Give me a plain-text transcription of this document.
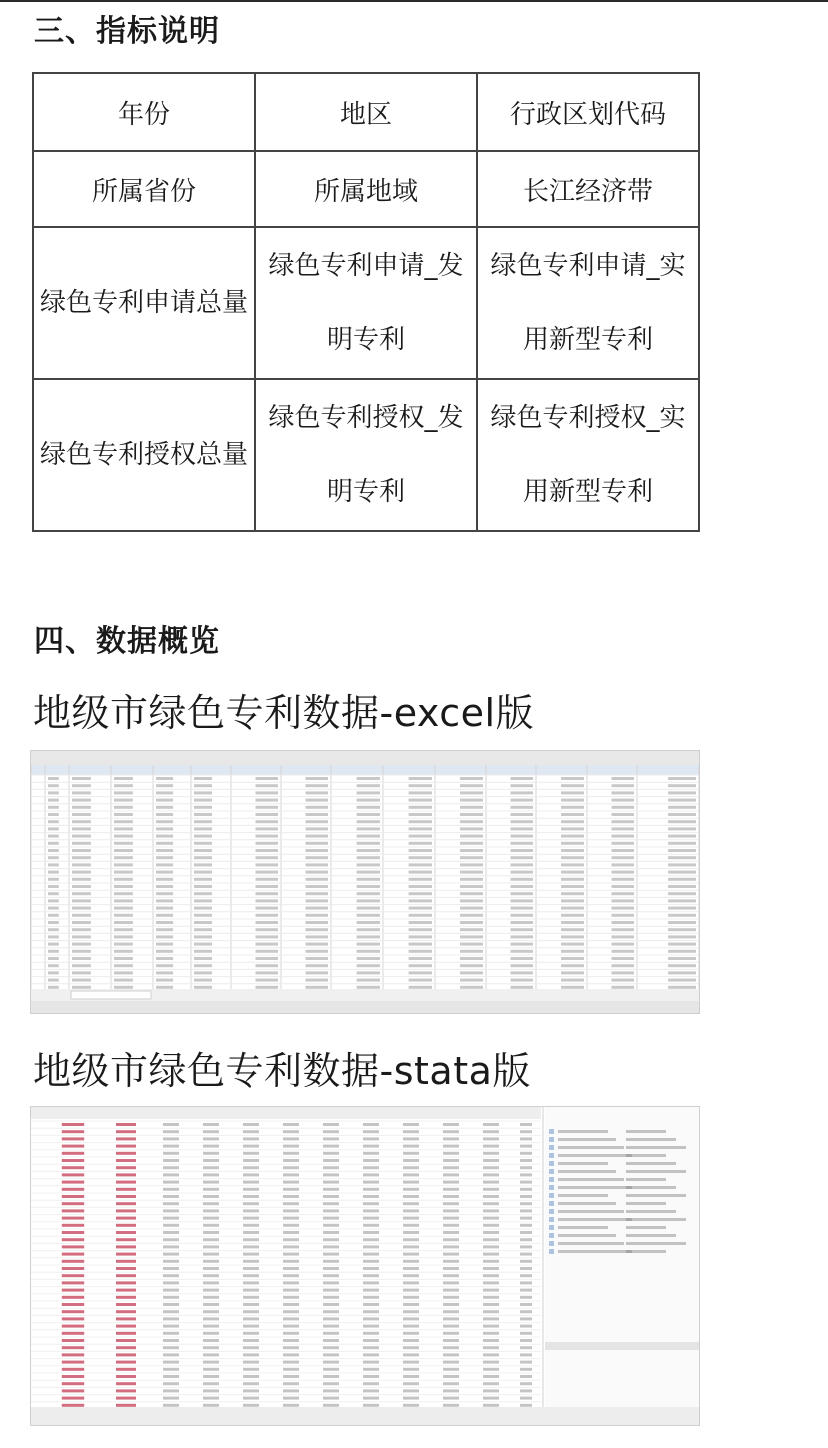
三、指标说明
年份	地区	行政区划代码
所属省份	所属地域	长江经济带
绿色专利申请总量	绿色专利申请_发明专利	绿色专利申请_实用新型专利
绿色专利授权总量	绿色专利授权_发明专利	绿色专利授权_实用新型专利
四、数据概览
地级市绿色专利数据-excel版
地级市绿色专利数据-stata版
